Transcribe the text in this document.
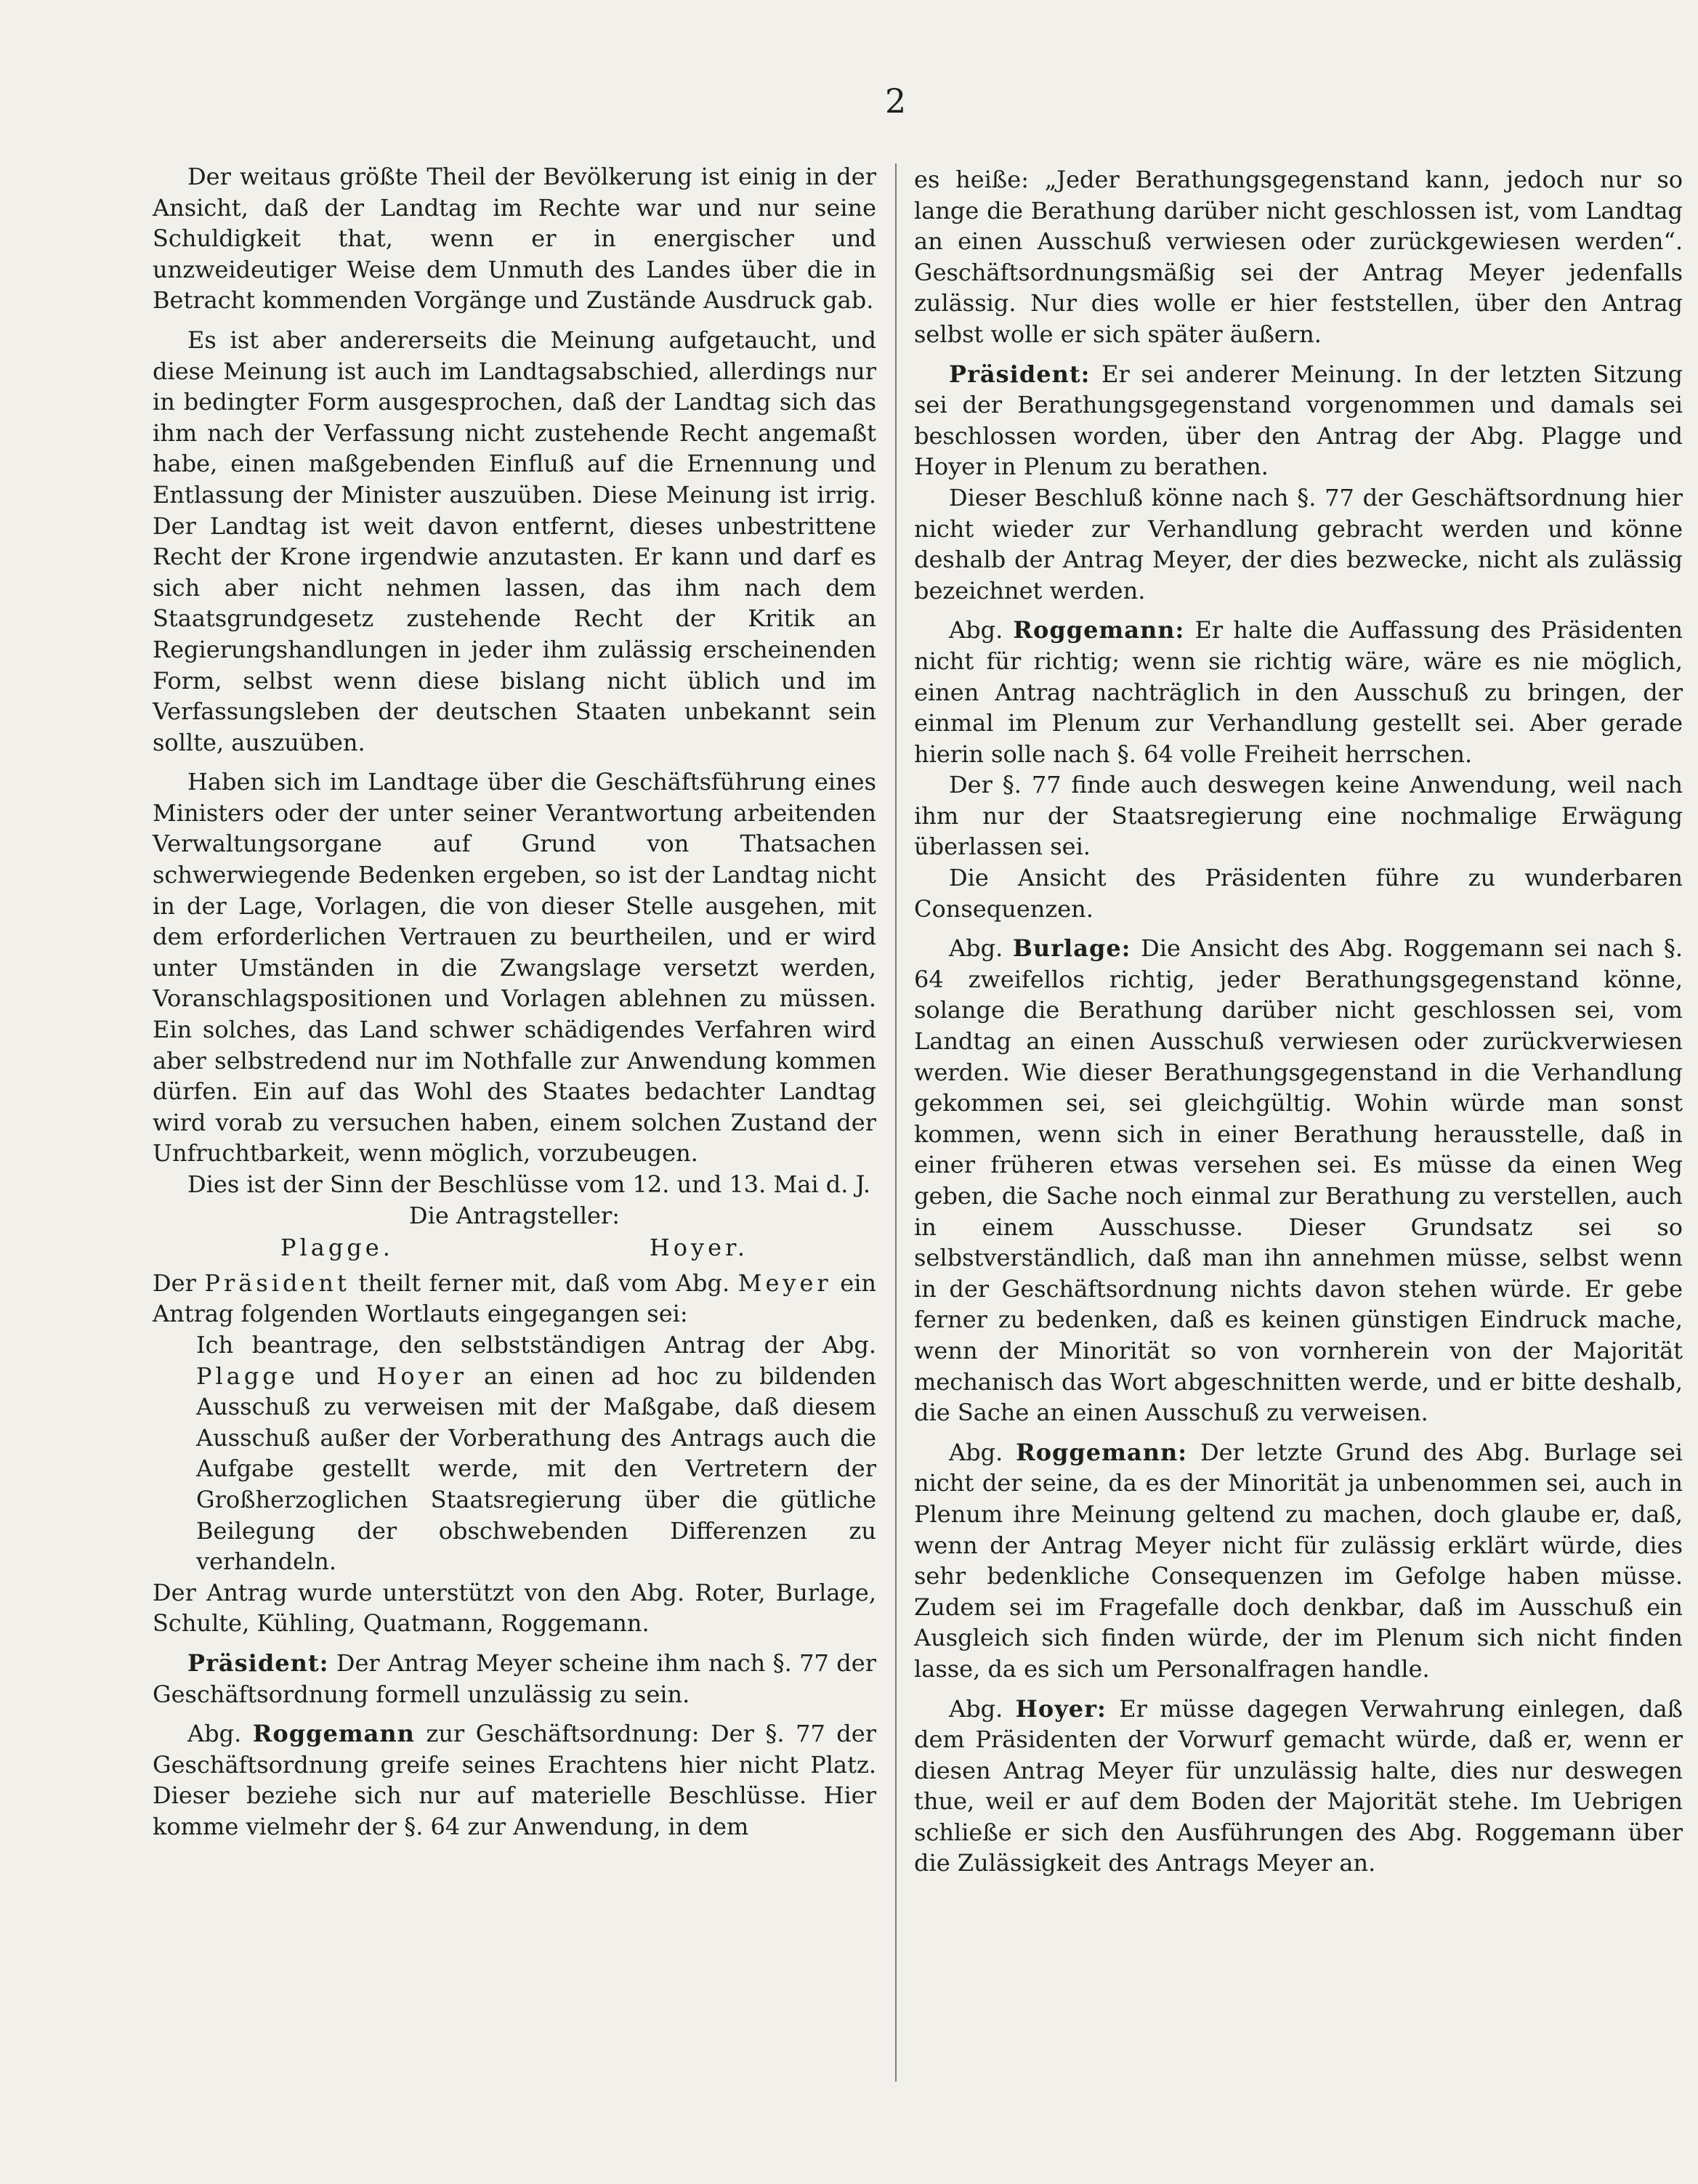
2

Der weitaus größte Theil der Bevölkerung ist einig in der Ansicht, daß der Landtag im Rechte war und nur seine Schuldigkeit that, wenn er in energischer und unzweideutiger Weise dem Unmuth des Landes über die in Betracht kommenden Vorgänge und Zustände Ausdruck gab.

Es ist aber andererseits die Meinung aufgetaucht, und diese Meinung ist auch im Landtagsabschied, allerdings nur in bedingter Form ausgesprochen, daß der Landtag sich das ihm nach der Verfassung nicht zustehende Recht angemaßt habe, einen maßgebenden Einfluß auf die Ernennung und Entlassung der Minister auszuüben. Diese Meinung ist irrig. Der Landtag ist weit davon entfernt, dieses unbestrittene Recht der Krone irgendwie anzutasten. Er kann und darf es sich aber nicht nehmen lassen, das ihm nach dem Staatsgrundgesetz zustehende Recht der Kritik an Regierungshandlungen in jeder ihm zulässig erscheinenden Form, selbst wenn diese bislang nicht üblich und im Verfassungsleben der deutschen Staaten unbekannt sein sollte, auszuüben.

Haben sich im Landtage über die Geschäftsführung eines Ministers oder der unter seiner Verantwortung arbeitenden Verwaltungsorgane auf Grund von Thatsachen schwerwiegende Bedenken ergeben, so ist der Landtag nicht in der Lage, Vorlagen, die von dieser Stelle ausgehen, mit dem erforderlichen Vertrauen zu beurtheilen, und er wird unter Umständen in die Zwangslage versetzt werden, Voranschlagspositionen und Vorlagen ablehnen zu müssen. Ein solches, das Land schwer schädigendes Verfahren wird aber selbstredend nur im Nothfalle zur Anwendung kommen dürfen. Ein auf das Wohl des Staates bedachter Landtag wird vorab zu versuchen haben, einem solchen Zustand der Unfruchtbarkeit, wenn möglich, vorzubeugen.

Dies ist der Sinn der Beschlüsse vom 12. und 13. Mai d. J.

Die Antragsteller:

Plagge.	Hoyer.

Der Präsident theilt ferner mit, daß vom Abg. Meyer ein Antrag folgenden Wortlauts eingegangen sei:

Ich beantrage, den selbstständigen Antrag der Abg. Plagge und Hoyer an einen ad hoc zu bildenden Ausschuß zu verweisen mit der Maßgabe, daß diesem Ausschuß außer der Vorberathung des Antrags auch die Aufgabe gestellt werde, mit den Vertretern der Großherzoglichen Staatsregierung über die gütliche Beilegung der obschwebenden Differenzen zu verhandeln.

Der Antrag wurde unterstützt von den Abg. Roter, Burlage, Schulte, Kühling, Quatmann, Roggemann.

Präsident: Der Antrag Meyer scheine ihm nach §. 77 der Geschäftsordnung formell unzulässig zu sein.

Abg. Roggemann zur Geschäftsordnung: Der §. 77 der Geschäftsordnung greife seines Erachtens hier nicht Platz. Dieser beziehe sich nur auf materielle Beschlüsse. Hier komme vielmehr der §. 64 zur Anwendung, in dem

es heiße: „Jeder Berathungsgegenstand kann, jedoch nur so lange die Berathung darüber nicht geschlossen ist, vom Landtag an einen Ausschuß verwiesen oder zurückgewiesen werden“. Geschäftsordnungsmäßig sei der Antrag Meyer jedenfalls zulässig. Nur dies wolle er hier feststellen, über den Antrag selbst wolle er sich später äußern.

Präsident: Er sei anderer Meinung. In der letzten Sitzung sei der Berathungsgegenstand vorgenommen und damals sei beschlossen worden, über den Antrag der Abg. Plagge und Hoyer in Plenum zu berathen.

Dieser Beschluß könne nach §. 77 der Geschäftsordnung hier nicht wieder zur Verhandlung gebracht werden und könne deshalb der Antrag Meyer, der dies bezwecke, nicht als zulässig bezeichnet werden.

Abg. Roggemann: Er halte die Auffassung des Präsidenten nicht für richtig; wenn sie richtig wäre, wäre es nie möglich, einen Antrag nachträglich in den Ausschuß zu bringen, der einmal im Plenum zur Verhandlung gestellt sei. Aber gerade hierin solle nach §. 64 volle Freiheit herrschen.

Der §. 77 finde auch deswegen keine Anwendung, weil nach ihm nur der Staatsregierung eine nochmalige Erwägung überlassen sei.

Die Ansicht des Präsidenten führe zu wunderbaren Consequenzen.

Abg. Burlage: Die Ansicht des Abg. Roggemann sei nach §. 64 zweifellos richtig, jeder Berathungsgegenstand könne, solange die Berathung darüber nicht geschlossen sei, vom Landtag an einen Ausschuß verwiesen oder zurückverwiesen werden. Wie dieser Berathungsgegenstand in die Verhandlung gekommen sei, sei gleichgültig. Wohin würde man sonst kommen, wenn sich in einer Berathung herausstelle, daß in einer früheren etwas versehen sei. Es müsse da einen Weg geben, die Sache noch einmal zur Berathung zu verstellen, auch in einem Ausschusse. Dieser Grundsatz sei so selbstverständlich, daß man ihn annehmen müsse, selbst wenn in der Geschäftsordnung nichts davon stehen würde. Er gebe ferner zu bedenken, daß es keinen günstigen Eindruck mache, wenn der Minorität so von vornherein von der Majorität mechanisch das Wort abgeschnitten werde, und er bitte deshalb, die Sache an einen Ausschuß zu verweisen.

Abg. Roggemann: Der letzte Grund des Abg. Burlage sei nicht der seine, da es der Minorität ja unbenommen sei, auch in Plenum ihre Meinung geltend zu machen, doch glaube er, daß, wenn der Antrag Meyer nicht für zulässig erklärt würde, dies sehr bedenkliche Consequenzen im Gefolge haben müsse. Zudem sei im Fragefalle doch denkbar, daß im Ausschuß ein Ausgleich sich finden würde, der im Plenum sich nicht finden lasse, da es sich um Personalfragen handle.

Abg. Hoyer: Er müsse dagegen Verwahrung einlegen, daß dem Präsidenten der Vorwurf gemacht würde, daß er, wenn er diesen Antrag Meyer für unzulässig halte, dies nur deswegen thue, weil er auf dem Boden der Majorität stehe. Im Uebrigen schließe er sich den Ausführungen des Abg. Roggemann über die Zulässigkeit des Antrags Meyer an.
